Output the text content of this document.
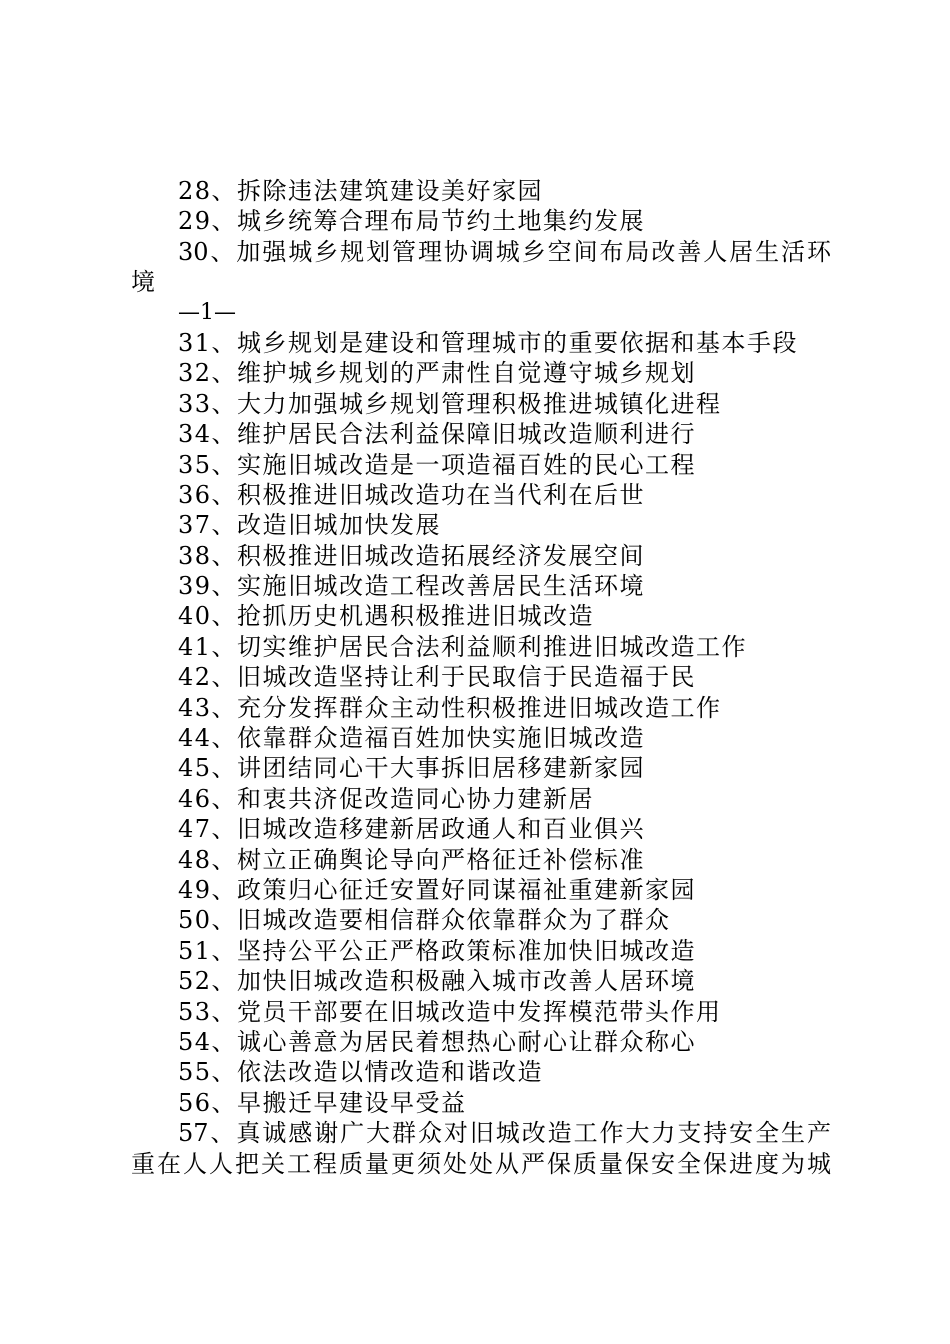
28、拆除违法建筑建设美好家园
29、城乡统筹合理布局节约土地集约发展
30、加强城乡规划管理协调城乡空间布局改善人居生活环
境
—1—
31、城乡规划是建设和管理城市的重要依据和基本手段
32、维护城乡规划的严肃性自觉遵守城乡规划
33、大力加强城乡规划管理积极推进城镇化进程
34、维护居民合法利益保障旧城改造顺利进行
35、实施旧城改造是一项造福百姓的民心工程
36、积极推进旧城改造功在当代利在后世
37、改造旧城加快发展
38、积极推进旧城改造拓展经济发展空间
39、实施旧城改造工程改善居民生活环境
40、抢抓历史机遇积极推进旧城改造
41、切实维护居民合法利益顺利推进旧城改造工作
42、旧城改造坚持让利于民取信于民造福于民
43、充分发挥群众主动性积极推进旧城改造工作
44、依靠群众造福百姓加快实施旧城改造
45、讲团结同心干大事拆旧居移建新家园
46、和衷共济促改造同心协力建新居
47、旧城改造移建新居政通人和百业俱兴
48、树立正确舆论导向严格征迁补偿标准
49、政策归心征迁安置好同谋福祉重建新家园
50、旧城改造要相信群众依靠群众为了群众
51、坚持公平公正严格政策标准加快旧城改造
52、加快旧城改造积极融入城市改善人居环境
53、党员干部要在旧城改造中发挥模范带头作用
54、诚心善意为居民着想热心耐心让群众称心
55、依法改造以情改造和谐改造
56、早搬迁早建设早受益
57、真诚感谢广大群众对旧城改造工作大力支持安全生产
重在人人把关工程质量更须处处从严保质量保安全保进度为城
